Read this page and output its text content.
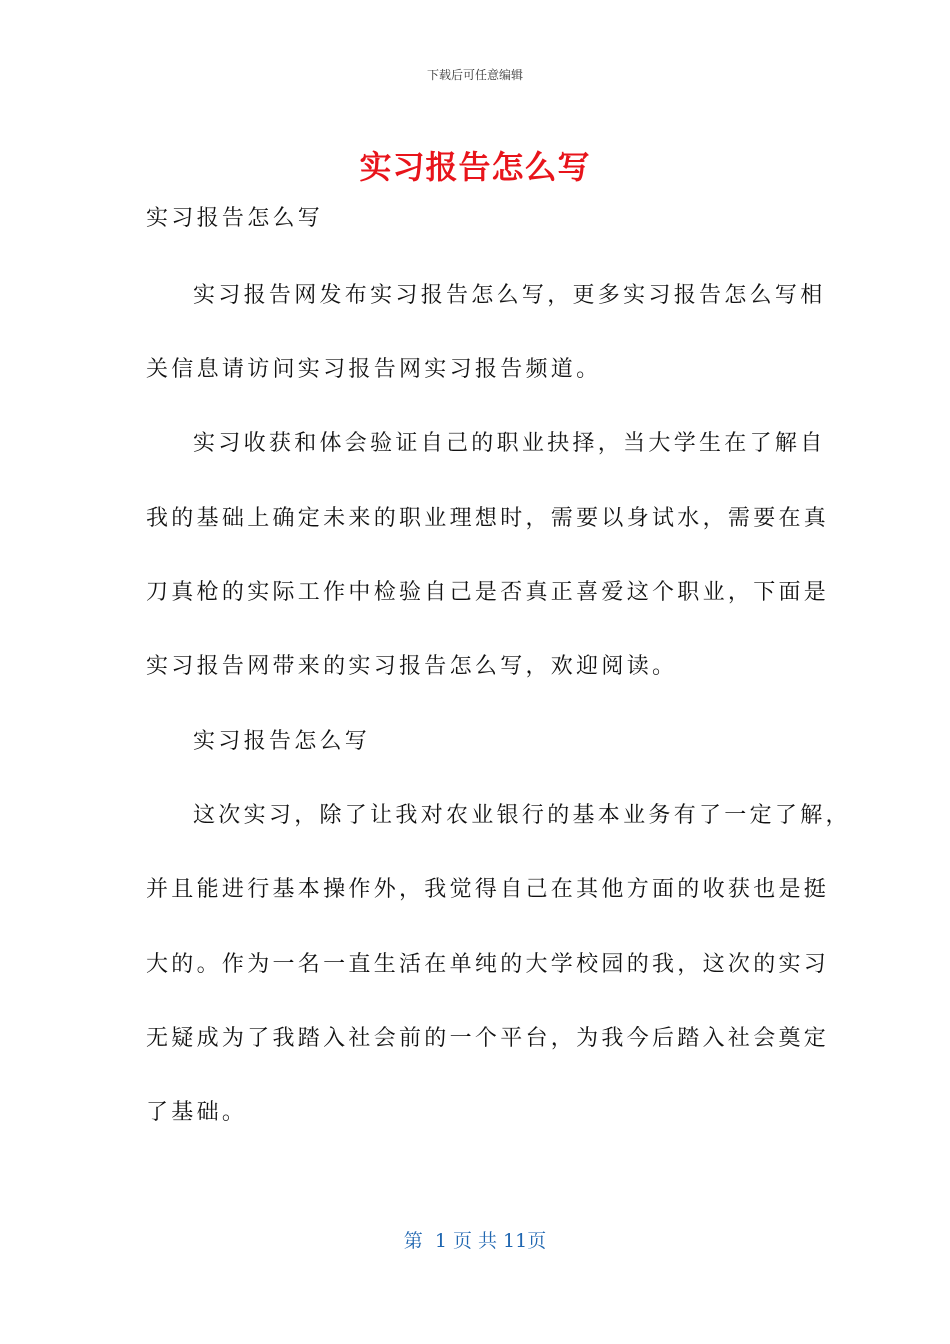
下载后可任意编辑
实习报告怎么写
实习报告怎么写
实习报告网发布实习报告怎么写，更多实习报告怎么写相
关信息请访问实习报告网实习报告频道。
实习收获和体会验证自己的职业抉择，当大学生在了解自
我的基础上确定未来的职业理想时，需要以身试水，需要在真
刀真枪的实际工作中检验自己是否真正喜爱这个职业，下面是
实习报告网带来的实习报告怎么写，欢迎阅读。
实习报告怎么写
这次实习，除了让我对农业银行的基本业务有了一定了解，
并且能进行基本操作外，我觉得自己在其他方面的收获也是挺
大的。作为一名一直生活在单纯的大学校园的我，这次的实习
无疑成为了我踏入社会前的一个平台，为我今后踏入社会奠定
了基础。
第  1 页 共 11页
